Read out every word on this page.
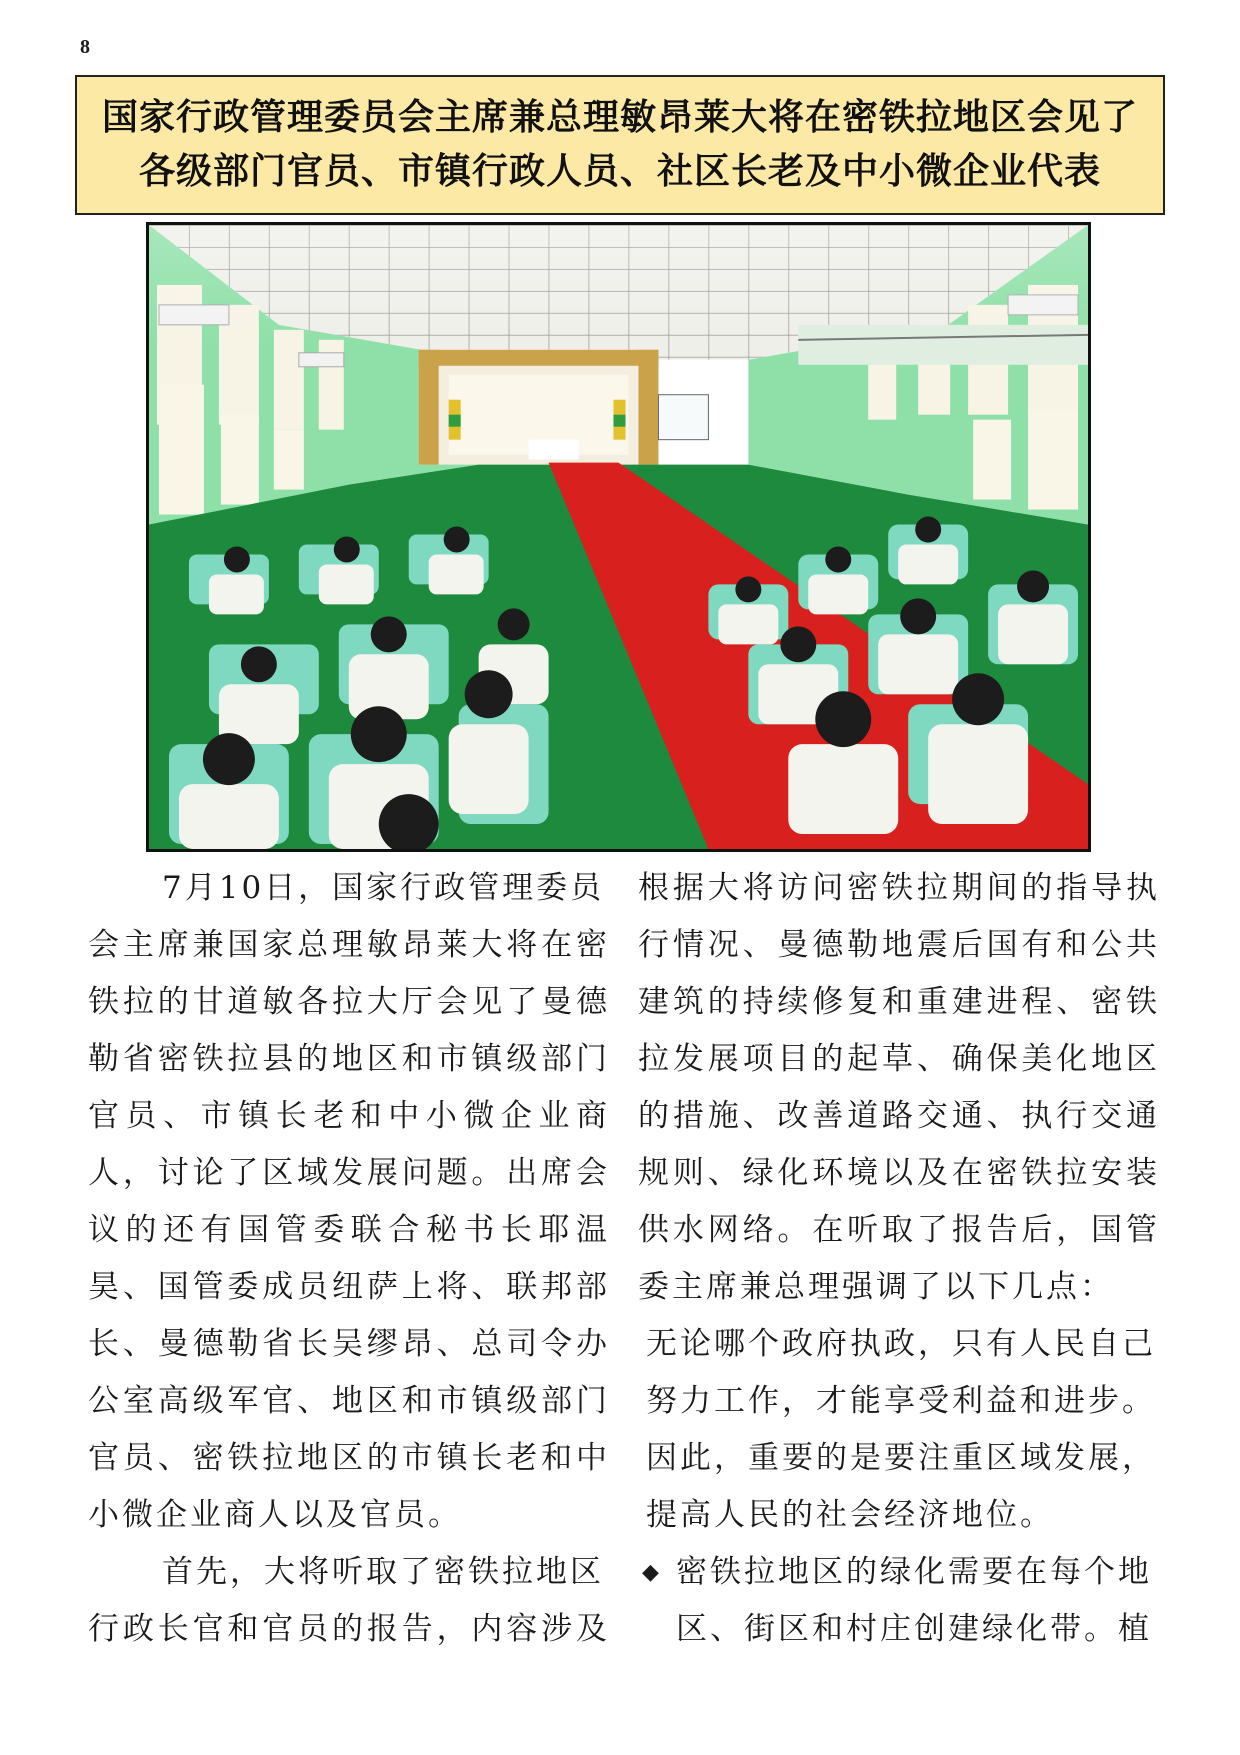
8
国家行政管理委员会主席兼总理敏昂莱大将在密铁拉地区会见了
各级部门官员、市镇行政人员、社区长老及中小微企业代表
7月10日，国家行政管理委员
会主席兼国家总理敏昂莱大将在密
铁拉的甘道敏各拉大厅会见了曼德
勒省密铁拉县的地区和市镇级部门
官员、市镇长老和中小微企业商
人，讨论了区域发展问题。出席会
议的还有国管委联合秘书长耶温
昊、国管委成员纽萨上将、联邦部
长、曼德勒省长吴缪昂、总司令办
公室高级军官、地区和市镇级部门
官员、密铁拉地区的市镇长老和中
小微企业商人以及官员。
首先，大将听取了密铁拉地区
行政长官和官员的报告，内容涉及
根据大将访问密铁拉期间的指导执
行情况、曼德勒地震后国有和公共
建筑的持续修复和重建进程、密铁
拉发展项目的起草、确保美化地区
的措施、改善道路交通、执行交通
规则、绿化环境以及在密铁拉安装
供水网络。在听取了报告后，国管
委主席兼总理强调了以下几点：
无论哪个政府执政，只有人民自己
努力工作，才能享受利益和进步。
因此，重要的是要注重区域发展，
提高人民的社会经济地位。
◆ 密铁拉地区的绿化需要在每个地
区、街区和村庄创建绿化带。植
